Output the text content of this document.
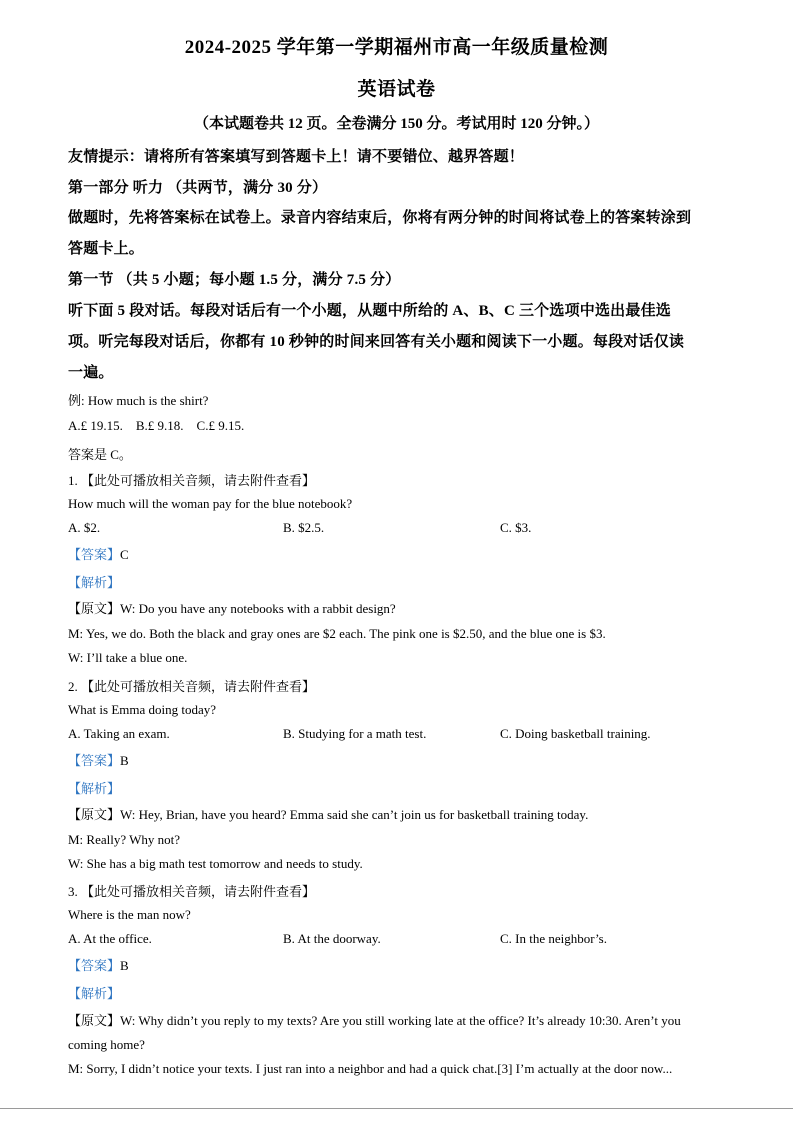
2024-2025 学年第一学期福州市高一年级质量检测
英语试卷
（本试题卷共 12 页。全卷满分 150 分。考试用时 120 分钟。）
友情提示：请将所有答案填写到答题卡上！请不要错位、越界答题！
第一部分 听力 （共两节，满分 30 分）
做题时，先将答案标在试卷上。录音内容结束后，你将有两分钟的时间将试卷上的答案转涂到
答题卡上。
第一节 （共 5 小题；每小题 1.5 分，满分 7.5 分）
听下面 5 段对话。每段对话后有一个小题，从题中所给的 A、B、C 三个选项中选出最佳选
项。听完每段对话后，你都有 10 秒钟的时间来回答有关小题和阅读下一小题。每段对话仅读
一遍。
例: How much is the shirt?
A.£ 19.15.    B.£ 9.18.    C.£ 9.15.
答案是 C。
1. 【此处可播放相关音频，请去附件查看】
How much will the woman pay for the blue notebook?
A. $2.	B. $2.5.	C. $3.
【答案】C
【解析】
【原文】W: Do you have any notebooks with a rabbit design?
M: Yes, we do. Both the black and gray ones are $2 each. The pink one is $2.50, and the blue one is $3.
W: I’ll take a blue one.
2. 【此处可播放相关音频，请去附件查看】
What is Emma doing today?
A. Taking an exam.	B. Studying for a math test.	C. Doing basketball training.
【答案】B
【解析】
【原文】W: Hey, Brian, have you heard? Emma said she can’t join us for basketball training today.
M: Really? Why not?
W: She has a big math test tomorrow and needs to study.
3. 【此处可播放相关音频，请去附件查看】
Where is the man now?
A. At the office.	B. At the doorway.	C. In the neighbor’s.
【答案】B
【解析】
【原文】W: Why didn’t you reply to my texts? Are you still working late at the office? It’s already 10:30. Aren’t you
coming home?
M: Sorry, I didn’t notice your texts. I just ran into a neighbor and had a quick chat.[3] I’m actually at the door now...
